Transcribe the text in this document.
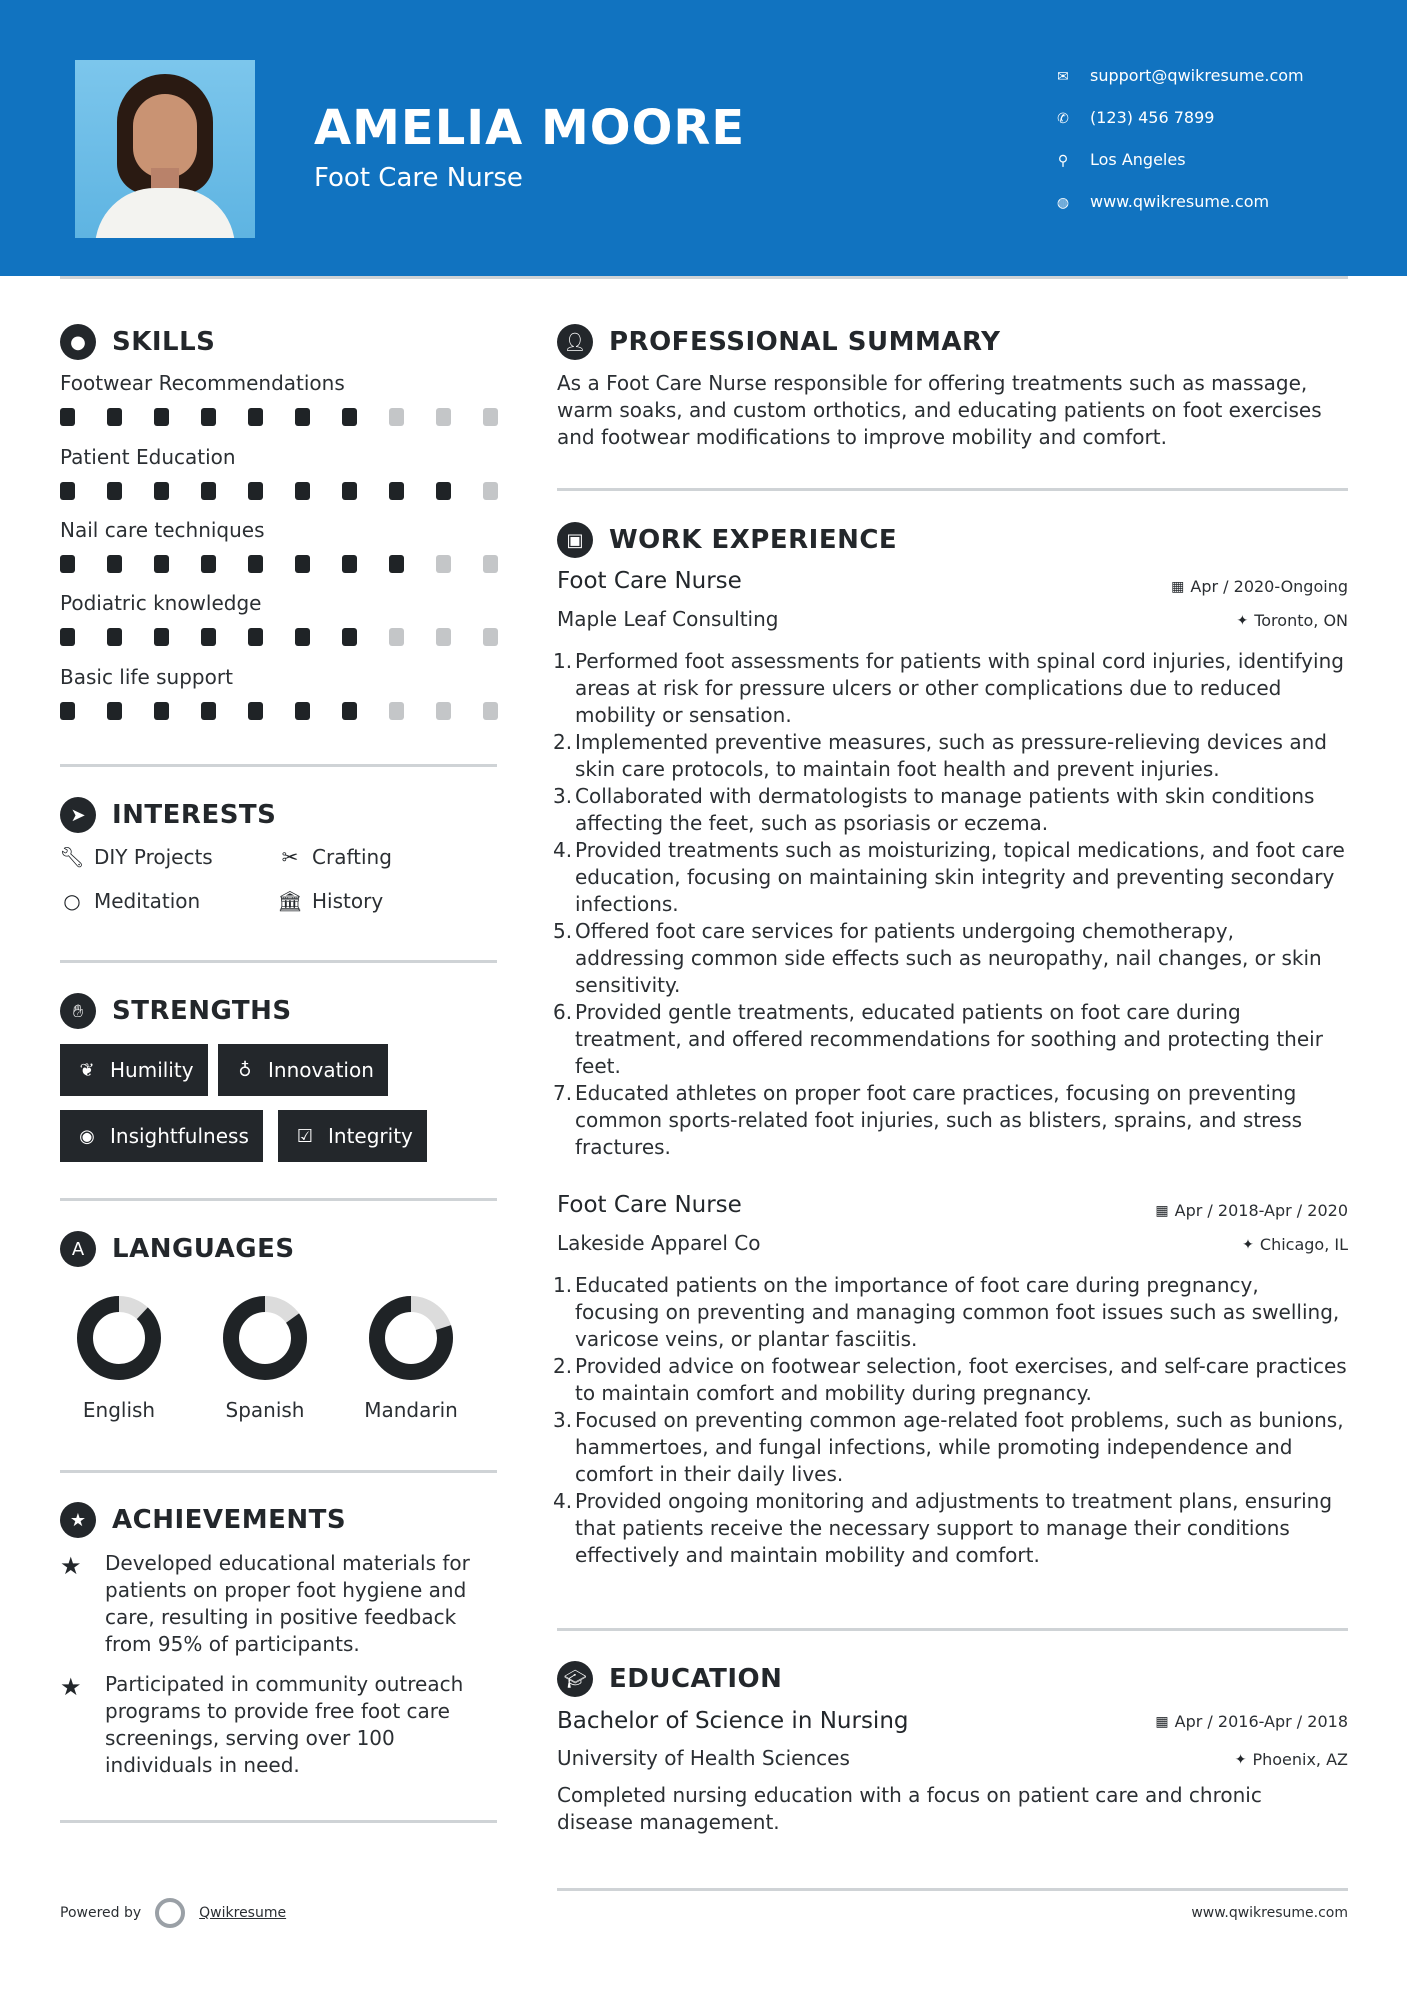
AMELIA MOORE
Foot Care Nurse
✉ support@qwikresume.com
✆ (123) 456 7899
⚲ Los Angeles
◍ www.qwikresume.com
●	SKILLS
Footwear Recommendations
Patient Education
Nail care techniques
Podiatric knowledge
Basic life support
➤	INTERESTS
🔧︎ DIY Projects	✂ Crafting
○ Meditation	🏛︎ History
✋︎	STRENGTHS
❦ Humility	♁ Innovation
◉ Insightfulness	☑ Integrity
A	LANGUAGES
English	Spanish	Mandarin
★ ACHIEVEMENTS
★	Developed educational materials for patients on proper foot hygiene and care, resulting in positive feedback from 95% of participants.
★	Participated in community outreach programs to provide free foot care screenings, serving over 100 individuals in need.
👤︎ PROFESSIONAL SUMMARY
As a Foot Care Nurse responsible for offering treatments such as massage, warm soaks, and custom orthotics, and educating patients on foot exercises and footwear modifications to improve mobility and comfort.
▣ WORK EXPERIENCE
Foot Care Nurse	▦ Apr / 2020-Ongoing
Maple Leaf Consulting	✦ Toronto, ON
1. Performed foot assessments for patients with spinal cord injuries, identifying areas at risk for pressure ulcers or other complications due to reduced mobility or sensation.
2. Implemented preventive measures, such as pressure-relieving devices and skin care protocols, to maintain foot health and prevent injuries.
3. Collaborated with dermatologists to manage patients with skin conditions affecting the feet, such as psoriasis or eczema.
4. Provided treatments such as moisturizing, topical medications, and foot care education, focusing on maintaining skin integrity and preventing secondary infections.
5. Offered foot care services for patients undergoing chemotherapy, addressing common side effects such as neuropathy, nail changes, or skin sensitivity.
6. Provided gentle treatments, educated patients on foot care during treatment, and offered recommendations for soothing and protecting their feet.
7. Educated athletes on proper foot care practices, focusing on preventing common sports-related foot injuries, such as blisters, sprains, and stress fractures.
Foot Care Nurse	▦ Apr / 2018-Apr / 2020
Lakeside Apparel Co	✦ Chicago, IL
1. Educated patients on the importance of foot care during pregnancy, focusing on preventing and managing common foot issues such as swelling, varicose veins, or plantar fasciitis.
2. Provided advice on footwear selection, foot exercises, and self-care practices to maintain comfort and mobility during pregnancy.
3. Focused on preventing common age-related foot problems, such as bunions, hammertoes, and fungal infections, while promoting independence and comfort in their daily lives.
4. Provided ongoing monitoring and adjustments to treatment plans, ensuring that patients receive the necessary support to manage their conditions effectively and maintain mobility and comfort.
🎓︎ EDUCATION
Bachelor of Science in Nursing	▦ Apr / 2016-Apr / 2018
University of Health Sciences	✦ Phoenix, AZ
Completed nursing education with a focus on patient care and chronic disease management.
Powered by	Qwikresume	www.qwikresume.com
